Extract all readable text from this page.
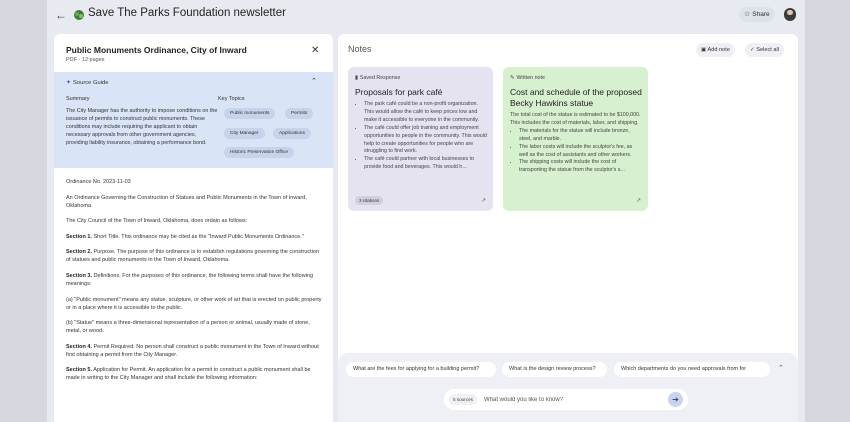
← Save The Parks Foundation newsletter	☆ Share
Public Monuments Ordinance, City of Inward
PDF · 12 pages
✕
✦ Source Guide	⌃
Summary
The City Manager has the authority to impose conditions on the issuance of permits to construct public monuments. These conditions may include requiring the applicant to obtain necessary approvals from other government agencies, providing liability insurance, obtaining a performance bond.
Key Topics
Public monuments	Permits
City Manager	Applications
Historic Preservation Office

Ordinance No. 2023-11-03

An Ordinance Governing the Construction of Statues and Public Monuments in the Town of Inward, Oklahoma

The City Council of the Town of Inward, Oklahoma, does ordain as follows:

Section 1. Short Title. This ordinance may be cited as the "Inward Public Monuments Ordinance."

Section 2. Purpose. The purpose of this ordinance is to establish regulations governing the construction of statues and public monuments in the Town of Inward, Oklahoma.

Section 3. Definitions. For the purposes of this ordinance, the following terms shall have the following meanings:

(a) "Public monument" means any statue, sculpture, or other work of art that is erected on public property or in a place where it is accessible to the public.

(b) "Statue" means a three-dimensional representation of a person or animal, usually made of stone, metal, or wood.

Section 4. Permit Required. No person shall construct a public monument in the Town of Inward without first obtaining a permit from the City Manager.

Section 5. Application for Permit. An application for a permit to construct a public monument shall be made in writing to the City Manager and shall include the following information:

Notes	▣ Add note	✓ Select all
▮ Saved Response
Proposals for park café
• The park café could be a non-profit organization. This would allow the café to keep prices low and make it accessible to everyone in the community.
• The café could offer job training and employment opportunities to people in the community. This would help to create opportunities for people who are struggling to find work.
• The café could partner with local businesses to provide food and beverages. This would h...
3 citations	↗
✎ Written note
Cost and schedule of the proposed Becky Hawkins statue

The total cost of the statue is estimated to be $100,000. This includes the cost of materials, labor, and shipping.

• The materials for the statue will include bronze, steel, and marble.
• The labor costs will include the sculptor's fee, as well as the cost of assistants and other workers.
• The shipping costs will include the cost of transporting the statue from the sculptor's s...
↗
What are the fees for applying for a building permit?	What is the design review process?	Which departments do you need approvals from for	⌃
5 sources
What would you like to know?	➔
